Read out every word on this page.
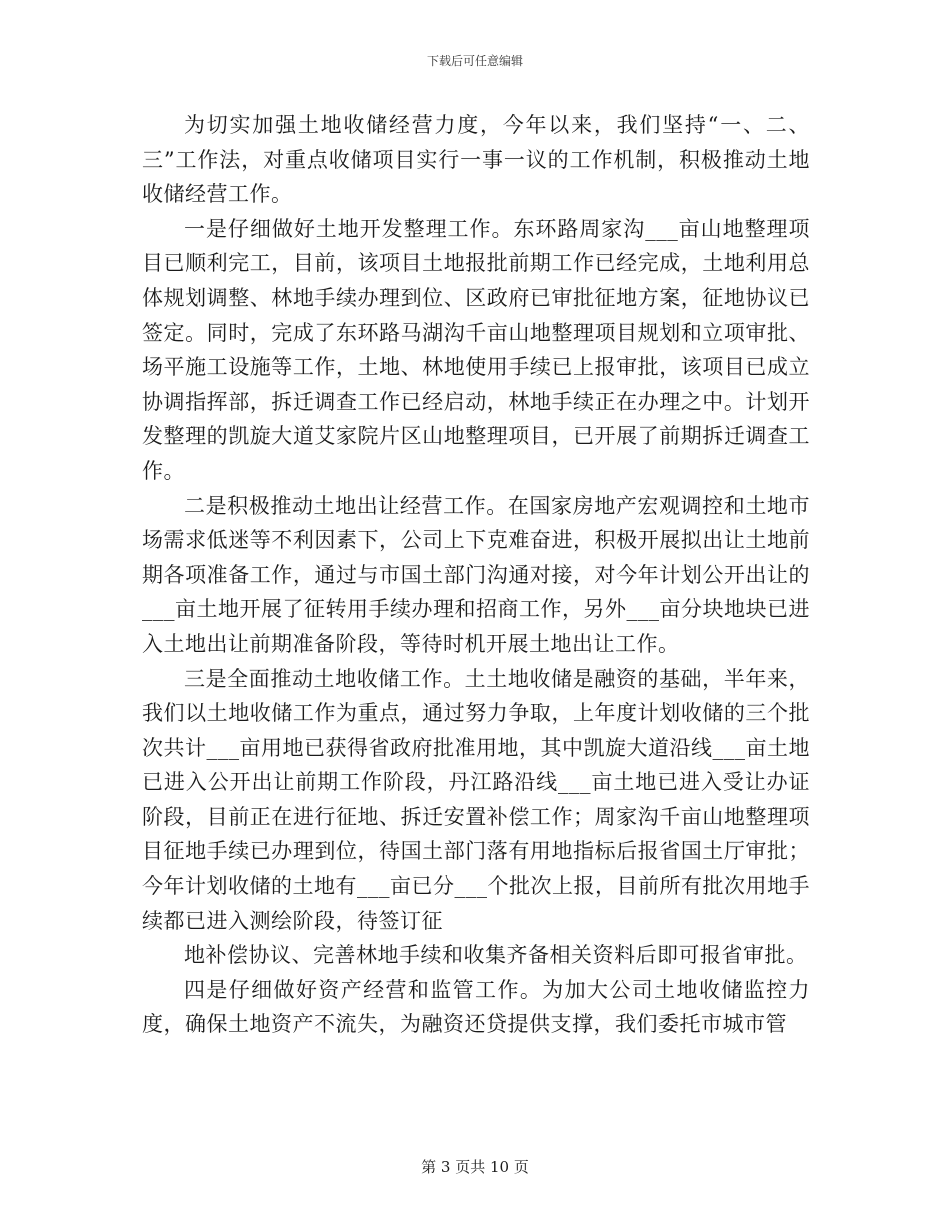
下载后可任意编辑

为切实加强土地收储经营力度，今年以来，我们坚持“一、二、三”工作法，对重点收储项目实行一事一议的工作机制，积极推动土地收储经营工作。

一是仔细做好土地开发整理工作。东环路周家沟___亩山地整理项目已顺利完工，目前，该项目土地报批前期工作已经完成，土地利用总体规划调整、林地手续办理到位、区政府已审批征地方案，征地协议已签定。同时，完成了东环路马湖沟千亩山地整理项目规划和立项审批、场平施工设施等工作，土地、林地使用手续已上报审批，该项目已成立协调指挥部，拆迁调查工作已经启动，林地手续正在办理之中。计划开发整理的凯旋大道艾家院片区山地整理项目，已开展了前期拆迁调查工作。

二是积极推动土地出让经营工作。在国家房地产宏观调控和土地市场需求低迷等不利因素下，公司上下克难奋进，积极开展拟出让土地前期各项准备工作，通过与市国土部门沟通对接，对今年计划公开出让的___亩土地开展了征转用手续办理和招商工作，另外___亩分块地块已进入土地出让前期准备阶段，等待时机开展土地出让工作。

三是全面推动土地收储工作。土土地收储是融资的基础，半年来，我们以土地收储工作为重点，通过努力争取，上年度计划收储的三个批次共计___亩用地已获得省政府批准用地，其中凯旋大道沿线___亩土地已进入公开出让前期工作阶段，丹江路沿线___亩土地已进入受让办证阶段，目前正在进行征地、拆迁安置补偿工作；周家沟千亩山地整理项目征地手续已办理到位，待国土部门落有用地指标后报省国土厅审批；今年计划收储的土地有___亩已分___个批次上报，目前所有批次用地手续都已进入测绘阶段，待签订征

地补偿协议、完善林地手续和收集齐备相关资料后即可报省审批。

四是仔细做好资产经营和监管工作。为加大公司土地收储监控力度，确保土地资产不流失，为融资还贷提供支撑，我们委托市城市管

第 3 页共 10 页
